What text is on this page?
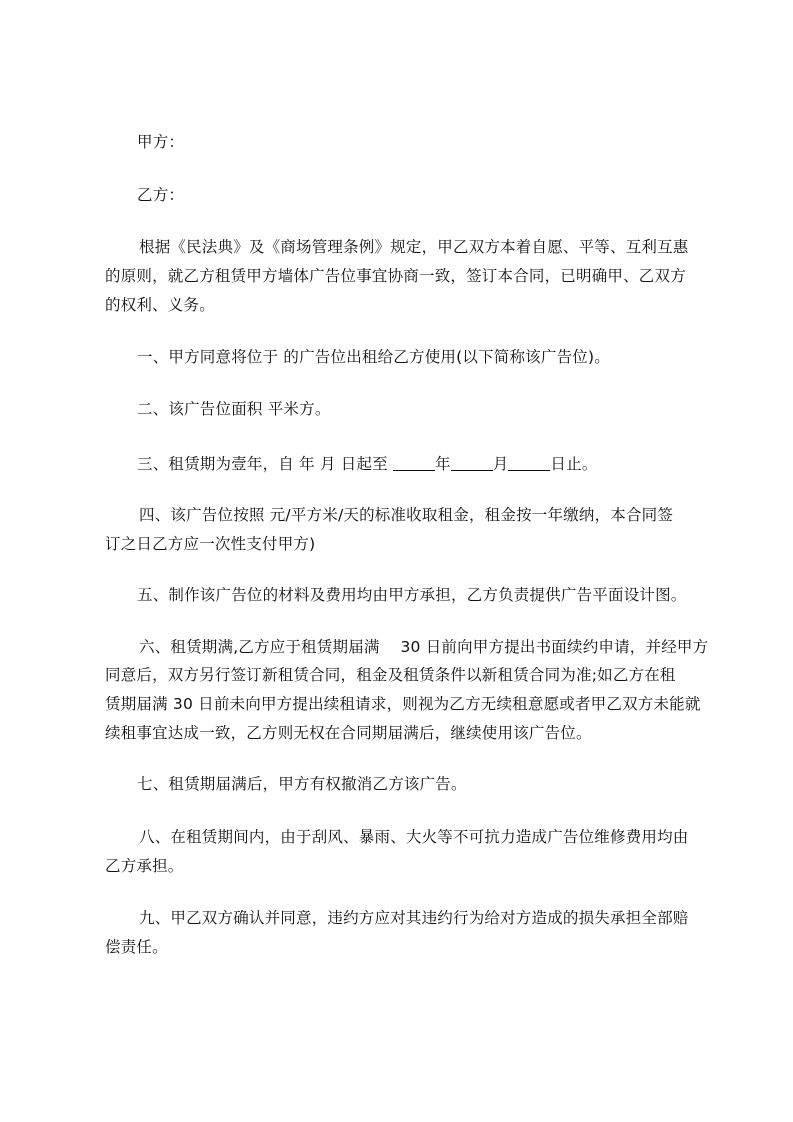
甲方：
乙方：
根据《民法典》及《商场管理条例》规定，甲乙双方本着自愿、平等、互利互惠
的原则，就乙方租赁甲方墙体广告位事宜协商一致，签订本合同，已明确甲、乙双方
的权利、义务。
一、甲方同意将位于 的广告位出租给乙方使用(以下简称该广告位)。
二、该广告位面积 平米方。
三、租赁期为壹年，自 年 月 日起至	年	月	日止。
四、该广告位按照 元/平方米/天的标准收取租金，租金按一年缴纳，本合同签
订之日乙方应一次性支付甲方)
五、制作该广告位的材料及费用均由甲方承担，乙方负责提供广告平面设计图。
六、租赁期满,乙方应于租赁期届满　 30 日前向甲方提出书面续约申请，并经甲方
同意后，双方另行签订新租赁合同，租金及租赁条件以新租赁合同为准;如乙方在租
赁期届满 30 日前未向甲方提出续租请求，则视为乙方无续租意愿或者甲乙双方未能就
续租事宜达成一致，乙方则无权在合同期届满后，继续使用该广告位。
七、租赁期届满后，甲方有权撤消乙方该广告。
八、在租赁期间内，由于刮风、暴雨、大火等不可抗力造成广告位维修费用均由
乙方承担。
九、甲乙双方确认并同意，违约方应对其违约行为给对方造成的损失承担全部赔
偿责任。
